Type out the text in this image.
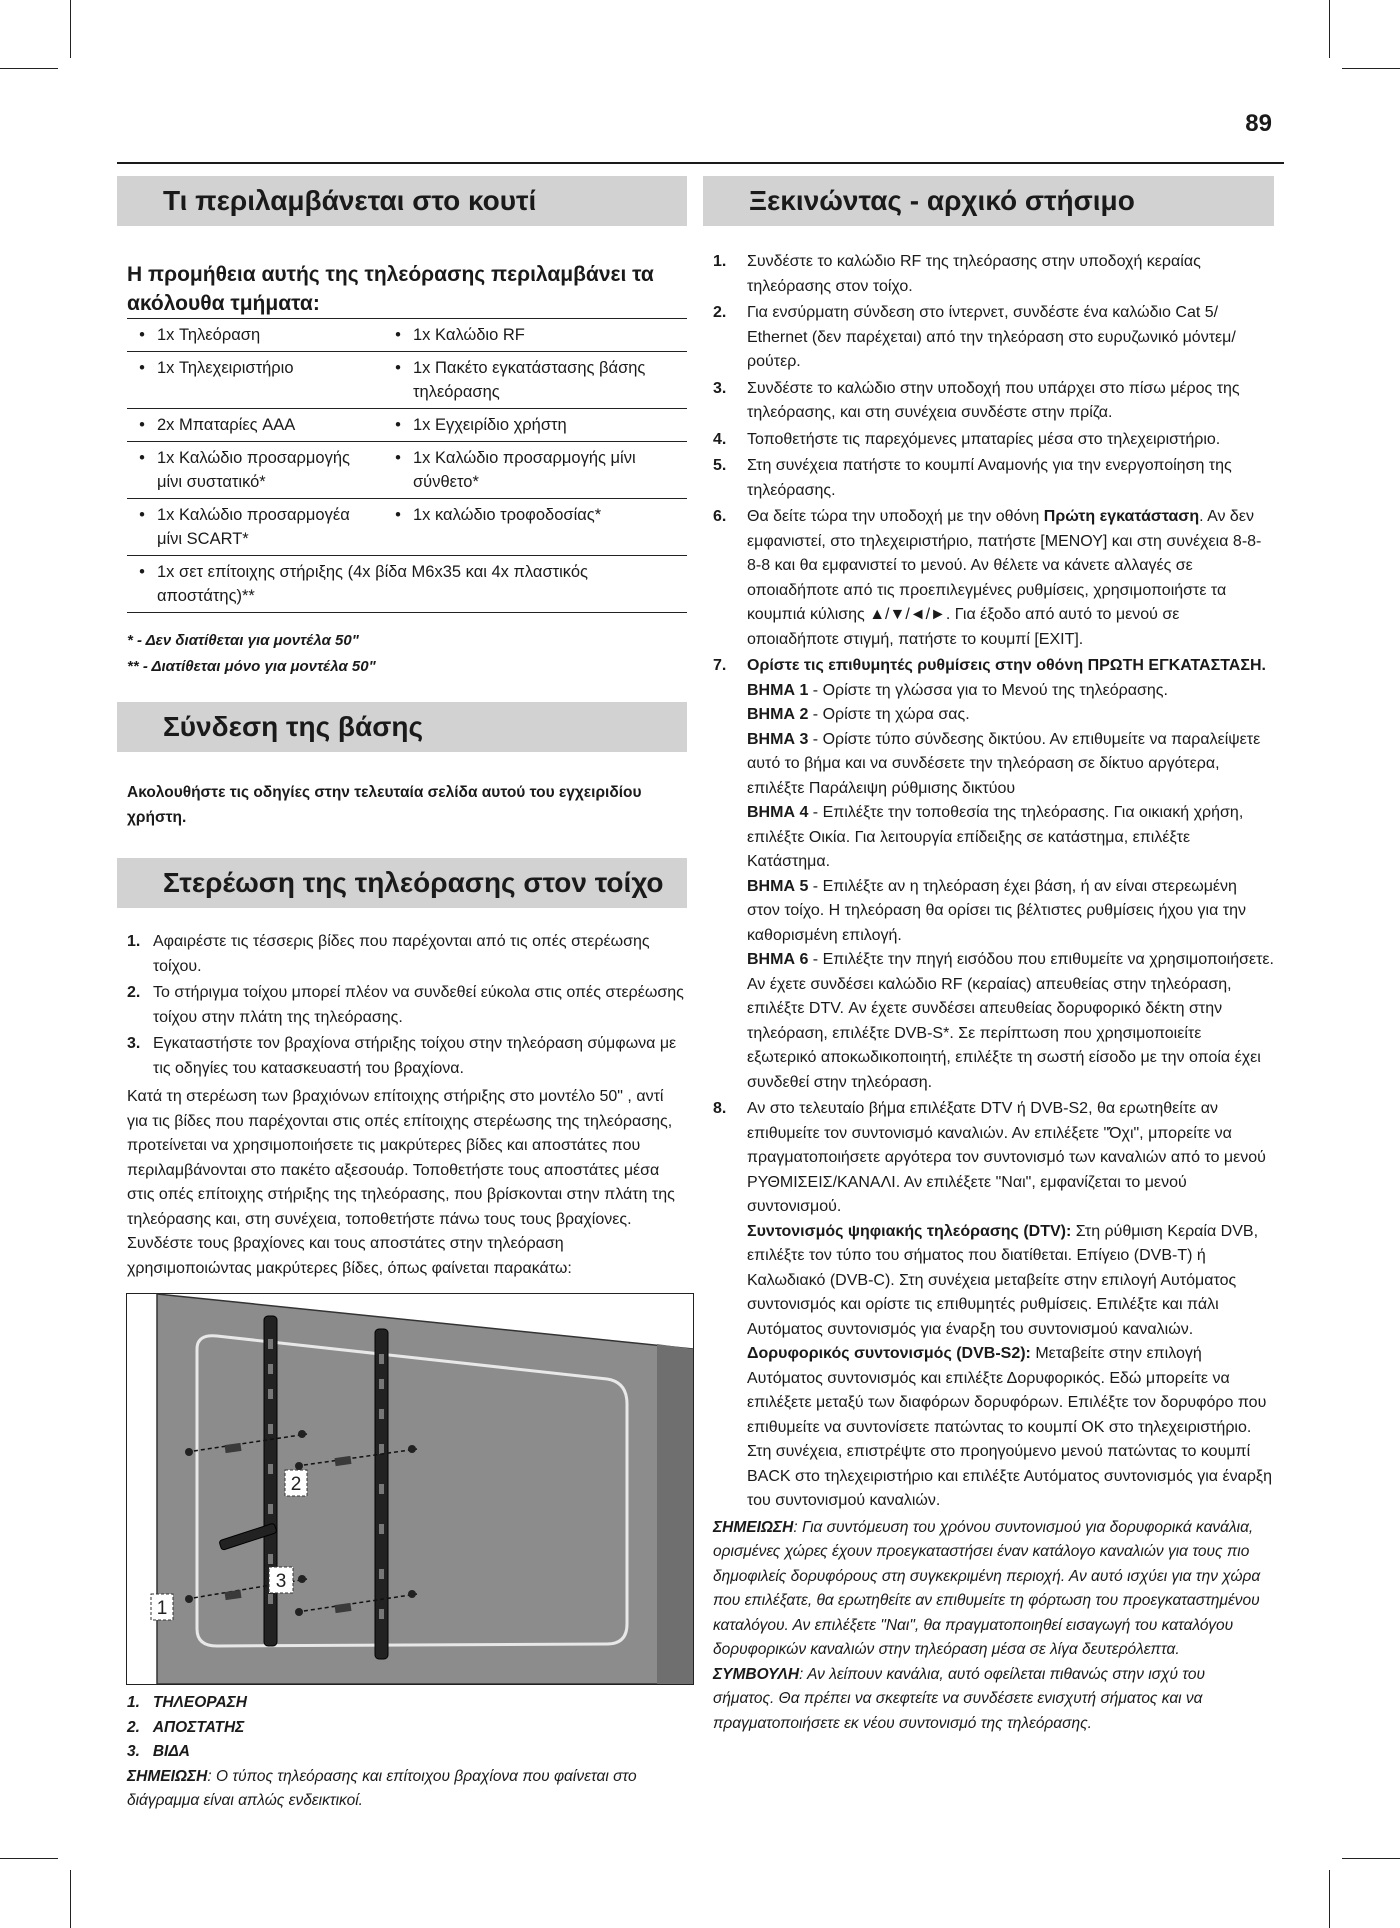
89
Τι περιλαμβάνεται στο κουτί
Η προμήθεια αυτής της τηλεόρασης περιλαμβάνει τα ακόλουθα τμήματα:
•	1x Τηλεόραση	•	1x Καλώδιο RF
•	1x Τηλεχειριστήριο	•	1x Πακέτο εγκατάστασης βάσης τηλεόρασης
•	2x Μπαταρίες AAA	•	1x Εγχειρίδιο χρήστη
•	1x Καλώδιο προσαρμογής μίνι συστατικό*	•	1x Καλώδιο προσαρμογής μίνι σύνθετο*
•	1x Καλώδιο προσαρμογέα μίνι SCART*	•	1x καλώδιο τροφοδοσίας*
•	1x σετ επίτοιχης στήριξης (4x βίδα M6x35 και 4x πλαστικός αποστάτης)**		
* - Δεν διατίθεται για μοντέλα 50"
** - Διατίθεται μόνο για μοντέλα 50"
Σύνδεση της βάσης
Ακολουθήστε τις οδηγίες στην τελευταία σελίδα αυτού του εγχειριδίου χρήστη.
Στερέωση της τηλεόρασης στον τοίχο
1. Αφαιρέστε τις τέσσερις βίδες που παρέχονται από τις οπές στερέωσης τοίχου.
2. Το στήριγμα τοίχου μπορεί πλέον να συνδεθεί εύκολα στις οπές στερέωσης τοίχου στην πλάτη της τηλεόρασης.
3. Εγκαταστήστε τον βραχίονα στήριξης τοίχου στην τηλεόραση σύμφωνα με τις οδηγίες του κατασκευαστή του βραχίονα.
Κατά τη στερέωση των βραχιόνων επίτοιχης στήριξης στο μοντέλο 50" , αντί για τις βίδες που παρέχονται στις οπές επίτοιχης στερέωσης της τηλεόρασης, προτείνεται να χρησιμοποιήσετε τις μακρύτερες βίδες και αποστάτες που περιλαμβάνονται στο πακέτο αξεσουάρ. Τοποθετήστε τους αποστάτες μέσα στις οπές επίτοιχης στήριξης της τηλεόρασης, που βρίσκονται στην πλάτη της τηλεόρασης και, στη συνέχεια, τοποθετήστε πάνω τους τους βραχίονες. Συνδέστε τους βραχίονες και τους αποστάτες στην τηλεόραση χρησιμοποιώντας μακρύτερες βίδες, όπως φαίνεται παρακάτω:
2
3
1
1. ΤΗΛΕΟΡΑΣΗ
2. ΑΠΟΣΤΑΤΗΣ
3. ΒΙΔΑ
ΣΗΜΕΙΩΣΗ: Ο τύπος τηλεόρασης και επίτοιχου βραχίονα που φαίνεται στο διάγραμμα είναι απλώς ενδεικτικοί.
Ξεκινώντας - αρχικό στήσιμο
1. Συνδέστε το καλώδιο RF της τηλεόρασης στην υποδοχή κεραίας τηλεόρασης στον τοίχο.
2. Για ενσύρματη σύνδεση στο ίντερνετ, συνδέστε ένα καλώδιο Cat 5/ Ethernet (δεν παρέχεται) από την τηλεόραση στο ευρυζωνικό μόντεμ/ ρούτερ.
3. Συνδέστε το καλώδιο στην υποδοχή που υπάρχει στο πίσω μέρος της τηλεόρασης, και στη συνέχεια συνδέστε στην πρίζα.
4. Τοποθετήστε τις παρεχόμενες μπαταρίες μέσα στο τηλεχειριστήριο.
5. Στη συνέχεια πατήστε το κουμπί Αναμονής για την ενεργοποίηση της τηλεόρασης.
6. Θα δείτε τώρα την υποδοχή με την οθόνη Πρώτη εγκατάσταση. Αν δεν εμφανιστεί, στο τηλεχειριστήριο, πατήστε [ΜΕΝΟΥ] και στη συνέχεια 8-8-8-8 και θα εμφανιστεί το μενού. Αν θέλετε να κάνετε αλλαγές σε οποιαδήποτε από τις προεπιλεγμένες ρυθμίσεις, χρησιμοποιήστε τα κουμπιά κύλισης ▲/▼/◄/►. Για έξοδο από αυτό το μενού σε οποιαδήποτε στιγμή, πατήστε το κουμπί [EXIT].
7. Ορίστε τις επιθυμητές ρυθμίσεις στην οθόνη ΠΡΩΤΗ ΕΓΚΑΤΑΣΤΑΣΗ.
ΒΗΜΑ 1 - Ορίστε τη γλώσσα για το Μενού της τηλεόρασης.
ΒΗΜΑ 2 - Ορίστε τη χώρα σας.
ΒΗΜΑ 3 - Ορίστε τύπο σύνδεσης δικτύου. Αν επιθυμείτε να παραλείψετε αυτό το βήμα και να συνδέσετε την τηλεόραση σε δίκτυο αργότερα, επιλέξτε Παράλειψη ρύθμισης δικτύου
ΒΗΜΑ 4 - Επιλέξτε την τοποθεσία της τηλεόρασης. Για οικιακή χρήση, επιλέξτε Οικία. Για λειτουργία επίδειξης σε κατάστημα, επιλέξτε Κατάστημα.
ΒΗΜΑ 5 - Επιλέξτε αν η τηλεόραση έχει βάση, ή αν είναι στερεωμένη στον τοίχο. Η τηλεόραση θα ορίσει τις βέλτιστες ρυθμίσεις ήχου για την καθορισμένη επιλογή.
ΒΗΜΑ 6 - Επιλέξτε την πηγή εισόδου που επιθυμείτε να χρησιμοποιήσετε. Αν έχετε συνδέσει καλώδιο RF (κεραίας) απευθείας στην τηλεόραση, επιλέξτε DTV. Αν έχετε συνδέσει απευθείας δορυφορικό δέκτη στην τηλεόραση, επιλέξτε DVB-S*. Σε περίπτωση που χρησιμοποιείτε εξωτερικό αποκωδικοποιητή, επιλέξτε τη σωστή είσοδο με την οποία έχει συνδεθεί στην τηλεόραση.
8. Αν στο τελευταίο βήμα επιλέξατε DTV ή DVB-S2, θα ερωτηθείτε αν επιθυμείτε τον συντονισμό καναλιών. Αν επιλέξετε "Όχι", μπορείτε να πραγματοποιήσετε αργότερα τον συντονισμό των καναλιών από το μενού ΡΥΘΜΙΣΕΙΣ/ΚΑΝΑΛΙ. Αν επιλέξετε "Ναι", εμφανίζεται το μενού συντονισμού.
Συντονισμός ψηφιακής τηλεόρασης (DTV): Στη ρύθμιση Κεραία DVB, επιλέξτε τον τύπο του σήματος που διατίθεται. Επίγειο (DVB-T) ή Καλωδιακό (DVB-C). Στη συνέχεια μεταβείτε στην επιλογή Αυτόματος συντονισμός και ορίστε τις επιθυμητές ρυθμίσεις. Επιλέξτε και πάλι Αυτόματος συντονισμός για έναρξη του συντονισμού καναλιών.
Δορυφορικός συντονισμός (DVB-S2): Μεταβείτε στην επιλογή Αυτόματος συντονισμός και επιλέξτε Δορυφορικός. Εδώ μπορείτε να επιλέξετε μεταξύ των διαφόρων δορυφόρων. Επιλέξτε τον δορυφόρο που επιθυμείτε να συντονίσετε πατώντας το κουμπί OK στο τηλεχειριστήριο. Στη συνέχεια, επιστρέψτε στο προηγούμενο μενού πατώντας το κουμπί BACK στο τηλεχειριστήριο και επιλέξτε Αυτόματος συντονισμός για έναρξη του συντονισμού καναλιών.
ΣΗΜΕΙΩΣΗ: Για συντόμευση του χρόνου συντονισμού για δορυφορικά κανάλια, ορισμένες χώρες έχουν προεγκαταστήσει έναν κατάλογο καναλιών για τους πιο δημοφιλείς δορυφόρους στη συγκεκριμένη περιοχή. Αν αυτό ισχύει για την χώρα που επιλέξατε, θα ερωτηθείτε αν επιθυμείτε τη φόρτωση του προεγκαταστημένου καταλόγου. Αν επιλέξετε "Ναι", θα πραγματοποιηθεί εισαγωγή του καταλόγου δορυφορικών καναλιών στην τηλεόραση μέσα σε λίγα δευτερόλεπτα.
ΣΥΜΒΟΥΛΗ: Αν λείπουν κανάλια, αυτό οφείλεται πιθανώς στην ισχύ του σήματος. Θα πρέπει να σκεφτείτε να συνδέσετε ενισχυτή σήματος και να πραγματοποιήσετε εκ νέου συντονισμό της τηλεόρασης.
